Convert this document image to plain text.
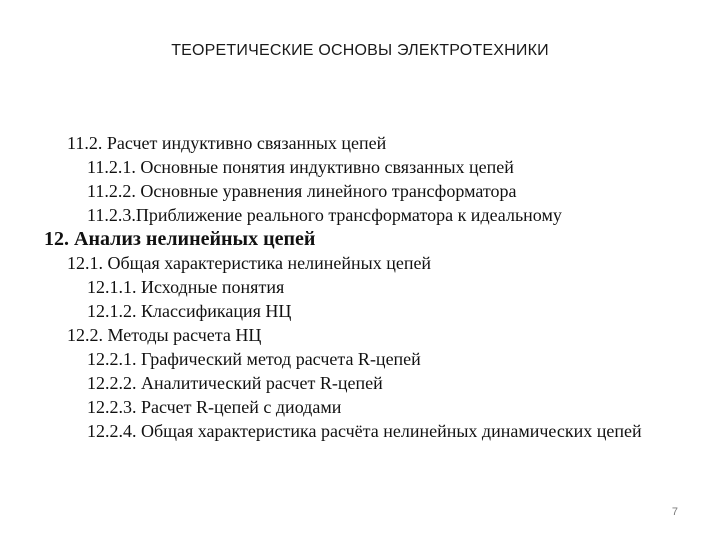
ТЕОРЕТИЧЕСКИЕ ОСНОВЫ ЭЛЕКТРОТЕХНИКИ
11.2. Расчет индуктивно связанных цепей
11.2.1. Основные понятия индуктивно связанных цепей
11.2.2. Основные уравнения линейного трансформатора
11.2.3.Приближение реального трансформатора к идеальному
12. Анализ нелинейных цепей
12.1. Общая характеристика нелинейных цепей
12.1.1. Исходные понятия
12.1.2. Классификация НЦ
12.2. Методы расчета НЦ
12.2.1. Графический метод расчета R-цепей
12.2.2. Аналитический расчет R-цепей
12.2.3. Расчет R-цепей с диодами
12.2.4. Общая характеристика расчёта нелинейных динамических цепей
7
